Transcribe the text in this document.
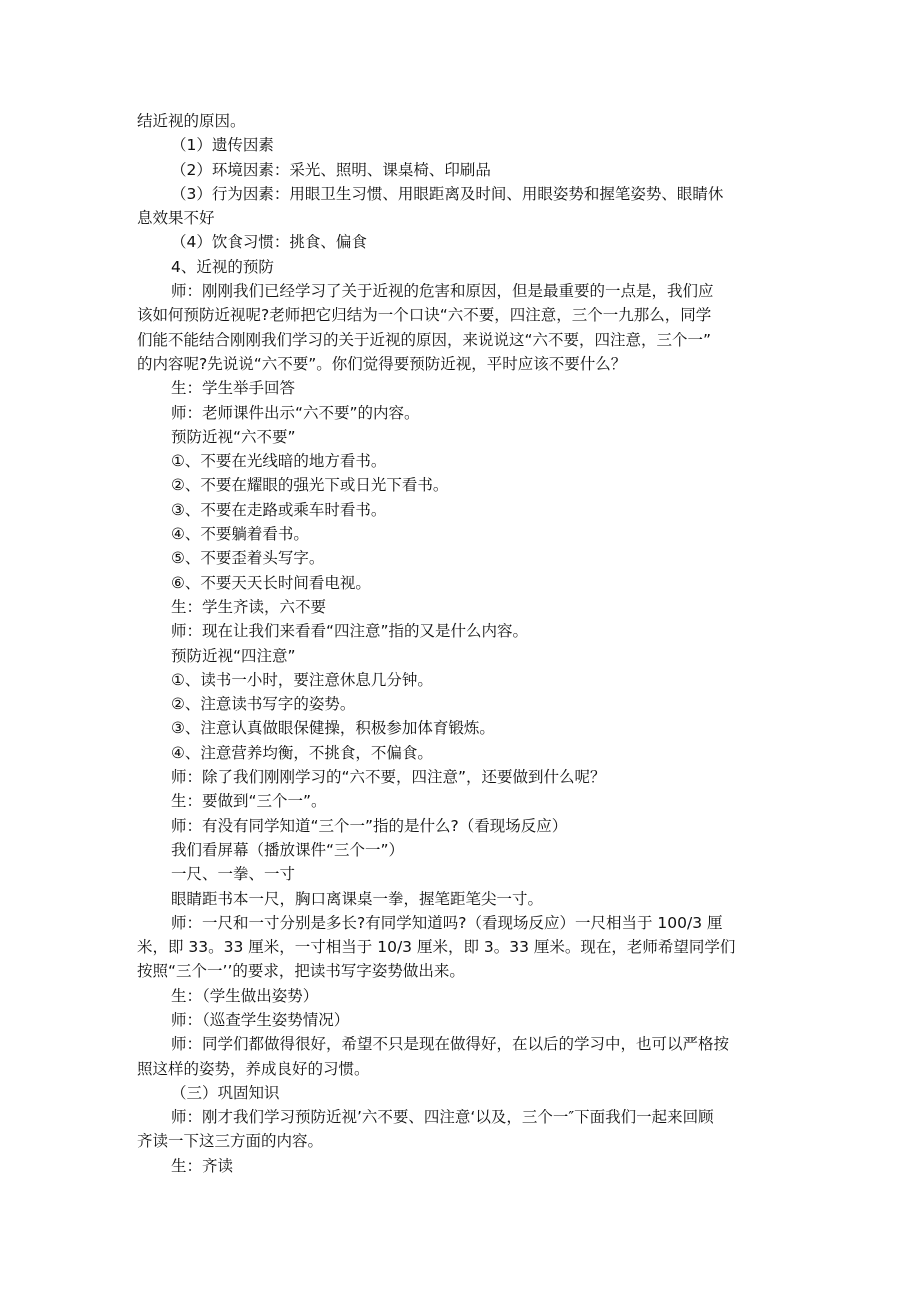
结近视的原因。
（1）遗传因素
（2）环境因素：采光、照明、课桌椅、印刷品
（3）行为因素：用眼卫生习惯、用眼距离及时间、用眼姿势和握笔姿势、眼睛休
息效果不好
（4）饮食习惯：挑食、偏食
4、近视的预防
师：刚刚我们已经学习了关于近视的危害和原因，但是最重要的一点是，我们应
该如何预防近视呢?老师把它归结为一个口诀“六不要，四注意，三个一九那么，同学
们能不能结合刚刚我们学习的关于近视的原因，来说说这“六不要，四注意，三个一”
的内容呢?先说说“六不要”。你们觉得要预防近视，平时应该不要什么？
生：学生举手回答
师：老师课件出示“六不要”的内容。
预防近视“六不要”
①、不要在光线暗的地方看书。
②、不要在耀眼的强光下或日光下看书。
③、不要在走路或乘车时看书。
④、不要躺着看书。
⑤、不要歪着头写字。
⑥、不要天天长时间看电视。
生：学生齐读，六不要
师：现在让我们来看看“四注意”指的又是什么内容。
预防近视“四注意”
①、读书一小时，要注意休息几分钟。
②、注意读书写字的姿势。
③、注意认真做眼保健操，积极参加体育锻炼。
④、注意营养均衡，不挑食，不偏食。
师：除了我们刚刚学习的“六不要，四注意”，还要做到什么呢？
生：要做到“三个一”。
师：有没有同学知道“三个一”指的是什么?（看现场反应）
我们看屏幕（播放课件“三个一”）
一尺、一拳、一寸
眼睛距书本一尺，胸口离课桌一拳，握笔距笔尖一寸。
师：一尺和一寸分别是多长?有同学知道吗?（看现场反应）一尺相当于 100/3 厘
米，即 33。33 厘米，一寸相当于 10/3 厘米，即 3。33 厘米。现在，老师希望同学们
按照“三个一’’的要求，把读书写字姿势做出来。
生：（学生做出姿势）
师：（巡查学生姿势情况）
师：同学们都做得很好，希望不只是现在做得好，在以后的学习中，也可以严格按
照这样的姿势，养成良好的习惯。
（三）巩固知识
师：刚才我们学习预防近视’六不要、四注意‘以及，三个一″下面我们一起来回顾
齐读一下这三方面的内容。
生：齐读
